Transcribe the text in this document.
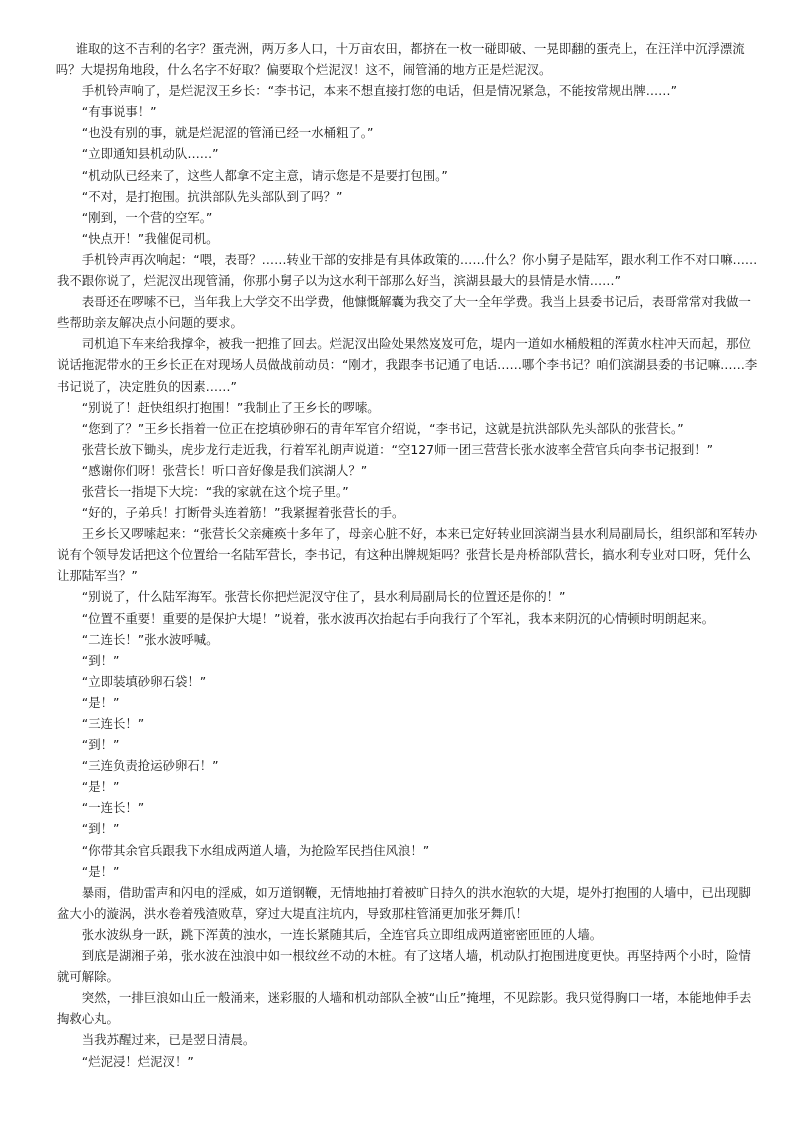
谁取的这不吉利的名字？蛋壳洲，两万多人口，十万亩农田，都挤在一枚一碰即破、一晃即翻的蛋壳上，在汪洋中沉浮漂流吗？大堤拐角地段，什么名字不好取？偏要取个烂泥汊！这不，闹管涌的地方正是烂泥汊。

手机铃声响了，是烂泥汊王乡长：“李书记，本来不想直接打您的电话，但是情况紧急，不能按常规出牌……”

“有事说事！”

“也没有别的事，就是烂泥涩的管涌已经一水桶粗了。”

“立即通知县机动队……”

“机动队已经来了，这些人都拿不定主意，请示您是不是要打包围。”

“不对，是打抱围。抗洪部队先头部队到了吗？”

“刚到，一个营的空军。”

“快点开！”我催促司机。

手机铃声再次响起：“喂，表哥？……转业干部的安排是有具体政策的……什么？你小舅子是陆军，跟水利工作不对口嘛……我不跟你说了，烂泥汊出现管涌，你那小舅子以为这水利干部那么好当，滨湖县最大的县情是水情……”

表哥还在啰嗦不已，当年我上大学交不出学费，他慷慨解囊为我交了大一全年学费。我当上县委书记后，表哥常常对我做一些帮助亲友解决点小问题的要求。

司机追下车来给我撑伞，被我一把推了回去。烂泥汊出险处果然岌岌可危，堤内一道如水桶般粗的浑黄水柱冲天而起，那位说话拖泥带水的王乡长正在对现场人员做战前动员：“刚才，我跟李书记通了电话……哪个李书记？咱们滨湖县委的书记嘛……李书记说了，决定胜负的因素……”

“别说了！赶快组织打抱围！”我制止了王乡长的啰嗦。

“您到了？”王乡长指着一位正在挖填砂卵石的青年军官介绍说，“李书记，这就是抗洪部队先头部队的张营长。”

张营长放下锄头，虎步龙行走近我，行着军礼朗声说道：“空127师一团三营营长张水波率全营官兵向李书记报到！”

“感谢你们呀！张营长！听口音好像是我们滨湖人？”

张营长一指堤下大垸：“我的家就在这个垸子里。”

“好的，子弟兵！打断骨头连着筋！”我紧握着张营长的手。

王乡长又啰嗦起来：“张营长父亲瘫痪十多年了，母亲心脏不好，本来已定好转业回滨湖当县水利局副局长，组织部和军转办说有个领导发话把这个位置给一名陆军营长，李书记，有这种出牌规矩吗？张营长是舟桥部队营长，搞水利专业对口呀，凭什么让那陆军当？”

“别说了，什么陆军海军。张营长你把烂泥汊守住了，县水利局副局长的位置还是你的！”

“位置不重要！重要的是保护大堤！”说着，张水波再次抬起右手向我行了个军礼，我本来阴沉的心情顿时明朗起来。

“二连长！”张水波呼喊。

“到！”

“立即装填砂卵石袋！”

“是！”

“三连长！”

“到！”

“三连负责抢运砂卵石！”

“是！”

“一连长！”

“到！”

“你带其余官兵跟我下水组成两道人墙，为抢险军民挡住风浪！”

“是！”

暴雨，借助雷声和闪电的淫威，如万道钢鞭，无情地抽打着被旷日持久的洪水泡软的大堤，堤外打抱围的人墙中，已出现脚盆大小的漩涡，洪水卷着残渣败草，穿过大堤直注坑内，导致那柱管涌更加张牙舞爪！

张水波纵身一跃，跳下浑黄的浊水，一连长紧随其后，全连官兵立即组成两道密密匝匝的人墙。

到底是湖湘子弟，张水波在浊浪中如一根纹丝不动的木桩。有了这堵人墙，机动队打抱围进度更快。再坚持两个小时，险情就可解除。

突然，一排巨浪如山丘一般涌来，迷彩服的人墙和机动部队全被“山丘”掩埋，不见踪影。我只觉得胸口一堵，本能地伸手去掏救心丸。

当我苏醒过来，已是翌日清晨。

“烂泥浸！烂泥汊！”
